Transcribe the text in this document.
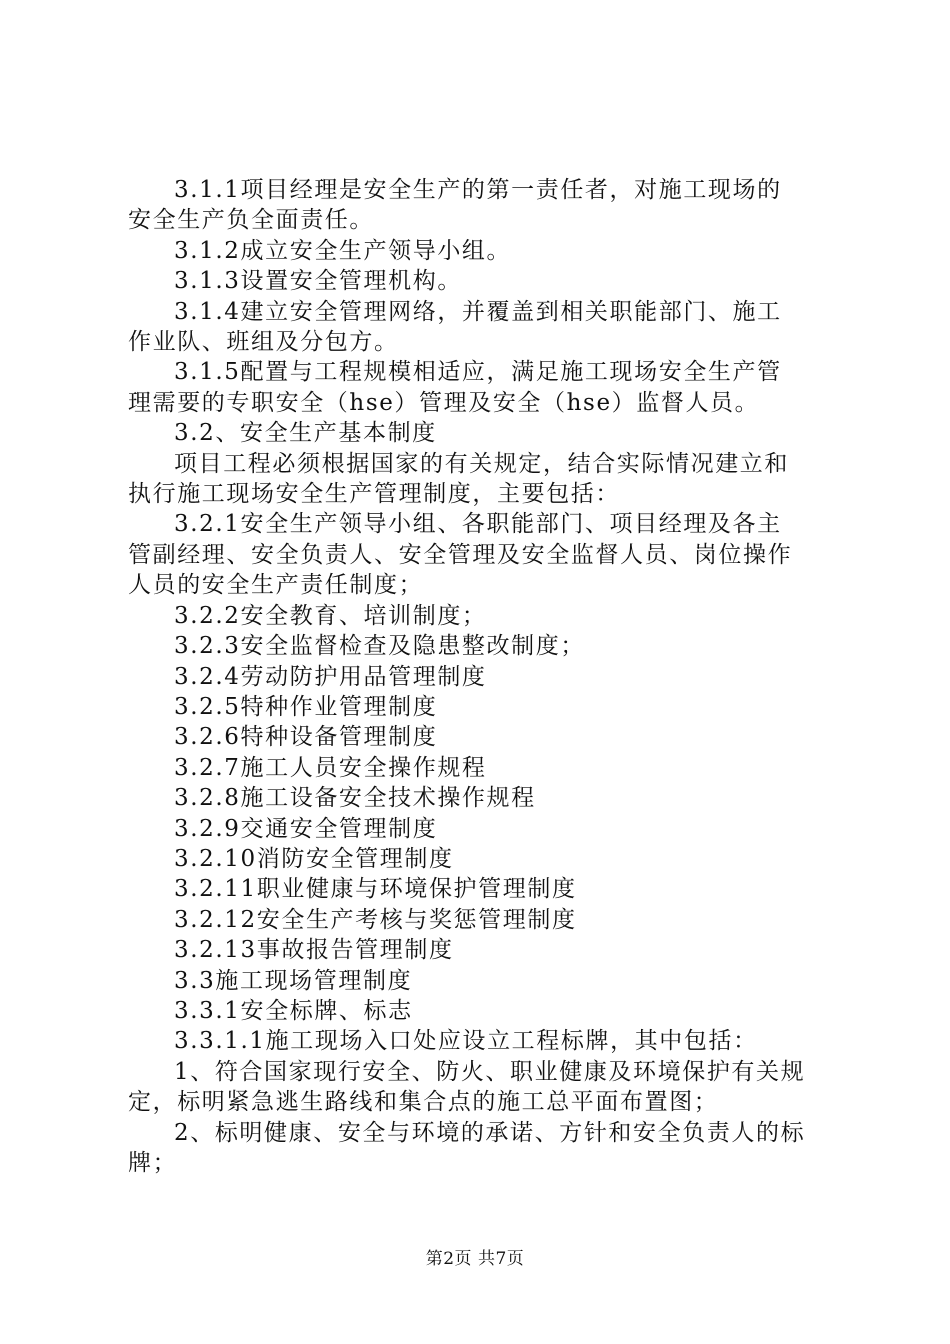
3.1.1项目经理是安全生产的第一责任者，对施工现场的

安全生产负全面责任。

3.1.2成立安全生产领导小组。

3.1.3设置安全管理机构。

3.1.4建立安全管理网络，并覆盖到相关职能部门、施工

作业队、班组及分包方。

3.1.5配置与工程规模相适应，满足施工现场安全生产管

理需要的专职安全（hse）管理及安全（hse）监督人员。

3.2、安全生产基本制度

项目工程必须根据国家的有关规定，结合实际情况建立和

执行施工现场安全生产管理制度，主要包括：

3.2.1安全生产领导小组、各职能部门、项目经理及各主

管副经理、安全负责人、安全管理及安全监督人员、岗位操作

人员的安全生产责任制度；

3.2.2安全教育、培训制度；

3.2.3安全监督检查及隐患整改制度；

3.2.4劳动防护用品管理制度

3.2.5特种作业管理制度

3.2.6特种设备管理制度

3.2.7施工人员安全操作规程

3.2.8施工设备安全技术操作规程

3.2.9交通安全管理制度

3.2.10消防安全管理制度

3.2.11职业健康与环境保护管理制度

3.2.12安全生产考核与奖惩管理制度

3.2.13事故报告管理制度

3.3施工现场管理制度

3.3.1安全标牌、标志

3.3.1.1施工现场入口处应设立工程标牌，其中包括：

1、符合国家现行安全、防火、职业健康及环境保护有关规

定，标明紧急逃生路线和集合点的施工总平面布置图；

2、标明健康、安全与环境的承诺、方针和安全负责人的标

牌；

第2页 共7页
